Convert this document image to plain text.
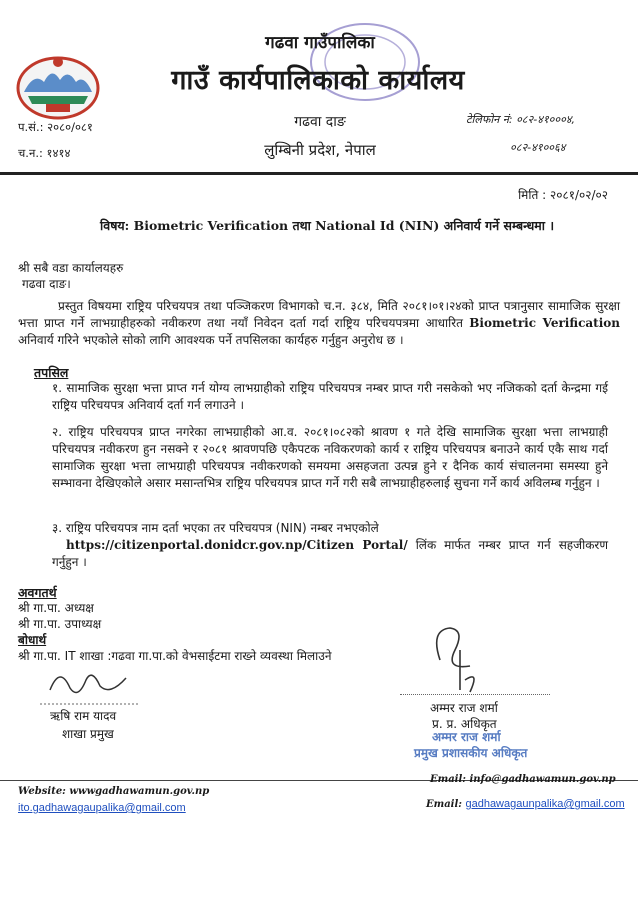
गढवा गाउँपालिका
गाउँ कार्यपालिकाको कार्यालय
गढवा दाङ
लुम्बिनी प्रदेश, नेपाल
प.सं.: २०८०/०८१
च.न.: १४१४
टेलिफोन नं: ०८२-४१०००४,
०८२-४१००६४
मिति : २०८१/०२/०२
विषय: Biometric Verification तथा National Id (NIN) अनिवार्य गर्ने सम्बन्धमा ।
श्री सबै वडा कार्यालयहरु
गढवा दाङ।
प्रस्तुत विषयमा राष्ट्रिय परिचयपत्र तथा पञ्जिकरण विभागको च.न. ३८४, मिति २०८१।०१।२४को प्राप्त पत्रानुसार सामाजिक सुरक्षा भत्ता प्राप्त गर्ने लाभग्राहीहरुको नवीकरण तथा नयाँ निवेदन दर्ता गर्दा राष्ट्रिय परिचयपत्रमा आधारित Biometric Verification अनिवार्य गरिने भएकोले सोको लागि आवश्यक पर्ने तपसिलका कार्यहरु गर्नुहुन अनुरोध छ ।
तपसिल
१. सामाजिक सुरक्षा भत्ता प्राप्त गर्न योग्य लाभग्राहीको राष्ट्रिय परिचयपत्र नम्बर प्राप्त गरी नसकेको भए नजिकको दर्ता केन्द्रमा गई राष्ट्रिय परिचयपत्र अनिवार्य दर्ता गर्न लगाउने ।
२. राष्ट्रिय परिचयपत्र प्राप्त नगरेका लाभग्राहीको आ.व. २०८१।०८२को श्रावण १ गते देखि सामाजिक सुरक्षा भत्ता लाभग्राही परिचयपत्र नवीकरण हुन नसक्ने र २०८१ श्रावणपछि एकैपटक नविकरणको कार्य र राष्ट्रिय परिचयपत्र बनाउने कार्य एकै साथ गर्दा सामाजिक सुरक्षा भत्ता लाभग्राही परिचयपत्र नवीकरणको समयमा असहजता उत्पन्न हुने र दैनिक कार्य संचालनमा समस्या हुने सम्भावना देखिएकोले असार मसान्तभित्र राष्ट्रिय परिचयपत्र प्राप्त गर्ने गरी सबै लाभग्राहीहरुलाई सुचना गर्ने कार्य अविलम्ब गर्नुहुन ।
३. राष्ट्रिय परिचयपत्र नाम दर्ता भएका तर परिचयपत्र (NIN) नम्बर नभएकोले
https://citizenportal.donidcr.gov.np/Citizen Portal/ लिंक मार्फत नम्बर प्राप्त गर्न सहजीकरण गर्नुहुन ।
अवगतर्थ
श्री गा.पा. अध्यक्ष
श्री गा.पा. उपाध्यक्ष
बोधार्थ
श्री गा.पा. IT शाखा :गढवा गा.पा.को वेभसाईटमा राख्ने व्यवस्था मिलाउने
ऋषि राम यादव
शाखा प्रमुख
अम्मर राज शर्मा
प्र. प्र. अधिकृत
अम्मर राज शर्मा
प्रमुख प्रशासकीय अधिकृत
Website: wwwgadhawamun.gov.np
Email: info@gadhawamun.gov.np
Email: gadhawagaunpalika@gmail.com
ito.gadhawagaupalika@gmail.com
